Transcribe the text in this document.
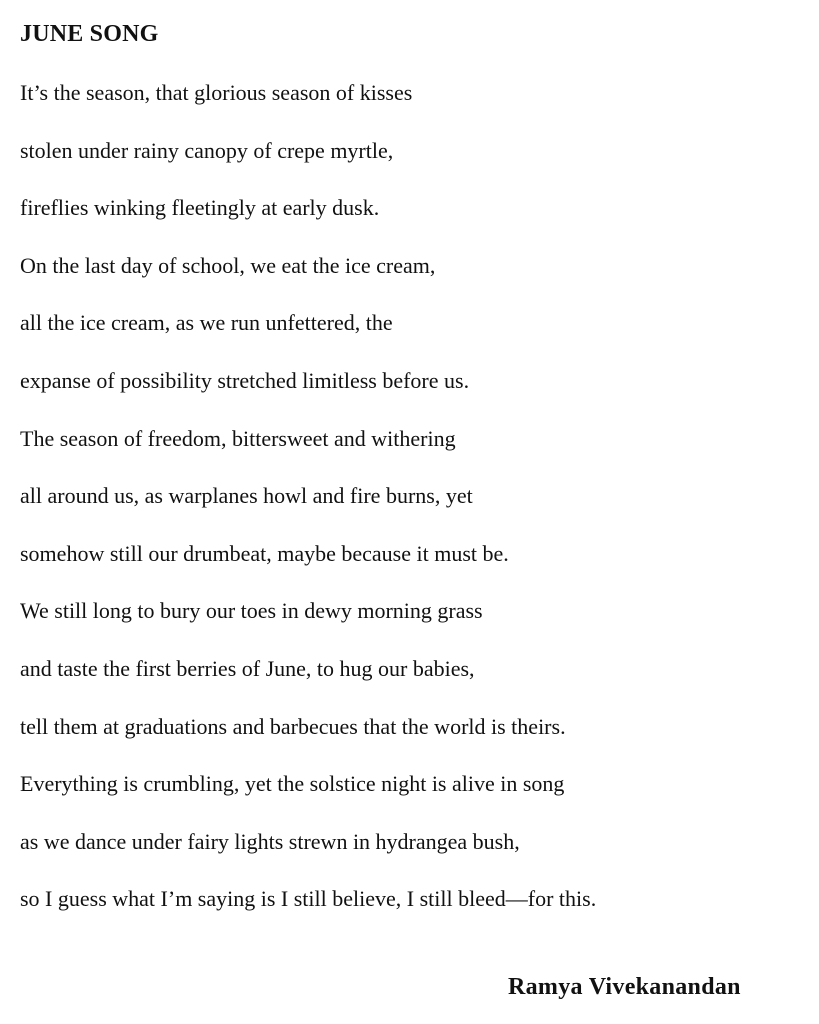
JUNE SONG
It’s the season, that glorious season of kisses
stolen under rainy canopy of crepe myrtle,
fireflies winking fleetingly at early dusk.
On the last day of school, we eat the ice cream,
all the ice cream, as we run unfettered, the
expanse of possibility stretched limitless before us.
The season of freedom, bittersweet and withering
all around us, as warplanes howl and fire burns, yet
somehow still our drumbeat, maybe because it must be.
We still long to bury our toes in dewy morning grass
and taste the first berries of June, to hug our babies,
tell them at graduations and barbecues that the world is theirs.
Everything is crumbling, yet the solstice night is alive in song
as we dance under fairy lights strewn in hydrangea bush,
so I guess what I’m saying is I still believe, I still bleed—for this.
Ramya Vivekanandan
